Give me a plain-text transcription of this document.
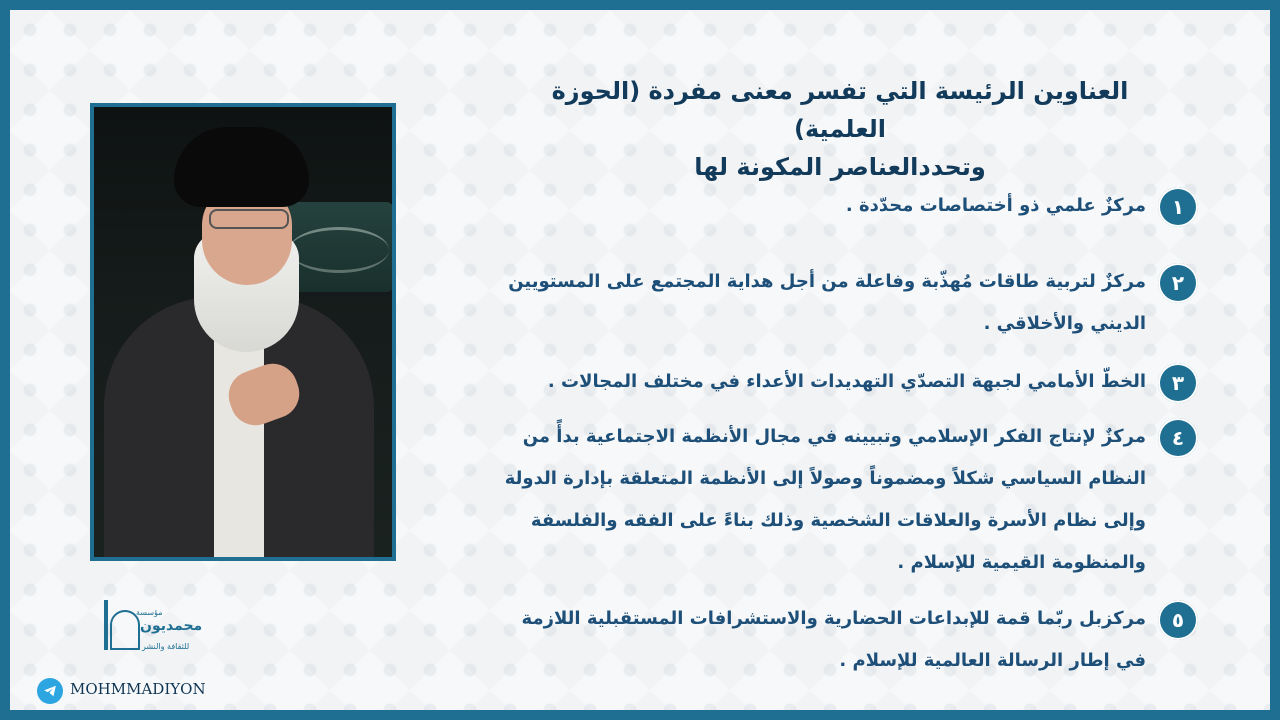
العناوين الرئيسة التي تفسر معنى مفردة (الحوزة العلمية)
وتحددالعناصر المكونة لها
١
مركزٌ علمي ذو أختصاصات محدّدة .
٢
مركزٌ لتربية طاقات مُهذّبة وفاعلة من أجل هداية المجتمع على المستويين الديني والأخلاقي .
٣
الخطّ الأمامي لجبهة التصدّي التهديدات الأعداء في مختلف المجالات .
٤
مركزٌ لإنتاج الفكر الإسلامي وتبيينه في مجال الأنظمة الاجتماعية بدأً من النظام السياسي شكلاً ومضموناً وصولاً إلى الأنظمة المتعلقة بإدارة الدولة وإلى نظام الأسرة والعلاقات الشخصية وذلك بناءً على الفقه والفلسفة والمنظومة القيمية للإسلام .
٥
مركزبل ربّما قمة للإبداعات الحضارية والاستشرافات المستقبلية اللازمة في إطار الرسالة العالمية للإسلام .
مؤسسة
محمديون
للثقافة والنشر
MOHMMADIYON
